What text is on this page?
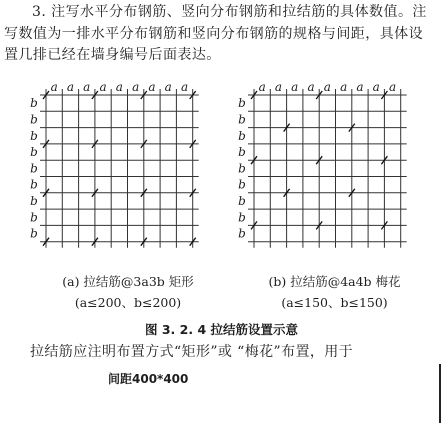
3. 注写水平分布钢筋、竖向分布钢筋和拉结筋的具体数值。注写数值为一排水平分布钢筋和竖向分布钢筋的规格与间距，具体设置几排已经在墙身编号后面表达。

a
b
a
b
a
b
a
b
a
b
a
b
a
b
a
b
a
b
a
b
a
b
a
b
a
b
a
b
a
b
a
b
a
b
a
b
(a) 拉结筋@3a3b 矩形
(a≤200、b≤200)
(b) 拉结筋@4a4b 梅花
(a≤150、b≤150)
图 3. 2. 4 拉结筋设置示意
拉结筋应注明布置方式“矩形”或 “梅花”布置，用于
间距400*400
